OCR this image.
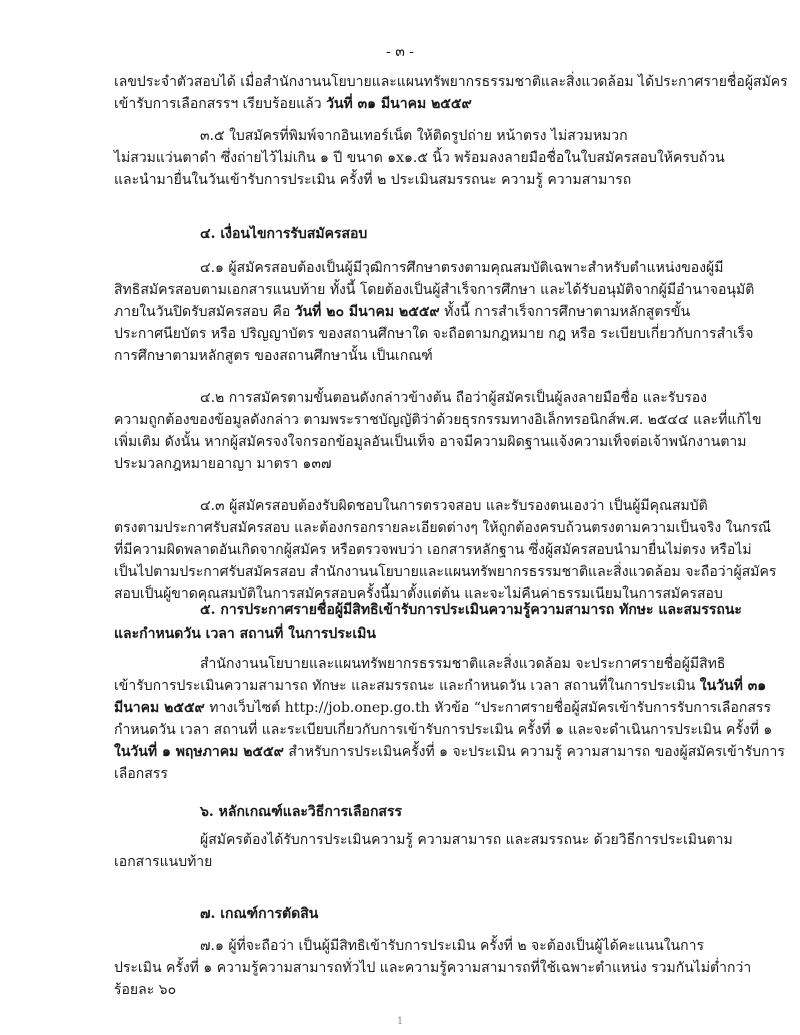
- ๓ -
เลขประจำตัวสอบได้ เมื่อสำนักงานนโยบายและแผนทรัพยากรธรรมชาติและสิ่งแวดล้อม ได้ประกาศรายชื่อผู้สมัคร
เข้ารับการเลือกสรรฯ เรียบร้อยแล้ว วันที่ ๓๑ มีนาคม ๒๕๕๙
๓.๕ ใบสมัครที่พิมพ์จากอินเทอร์เน็ต ให้ติดรูปถ่าย หน้าตรง ไม่สวมหมวก
ไม่สวมแว่นตาดำ ซึ่งถ่ายไว้ไม่เกิน ๑ ปี ขนาด ๑x๑.๕ นิ้ว พร้อมลงลายมือชื่อในใบสมัครสอบให้ครบถ้วน
และนำมายื่นในวันเข้ารับการประเมิน ครั้งที่ ๒ ประเมินสมรรถนะ ความรู้ ความสามารถ
๔. เงื่อนไขการรับสมัครสอบ
๔.๑ ผู้สมัครสอบต้องเป็นผู้มีวุฒิการศึกษาตรงตามคุณสมบัติเฉพาะสำหรับตำแหน่งของผู้มี
สิทธิสมัครสอบตามเอกสารแนบท้าย ทั้งนี้ โดยต้องเป็นผู้สำเร็จการศึกษา และได้รับอนุมัติจากผู้มีอำนาจอนุมัติ
ภายในวันปิดรับสมัครสอบ คือ วันที่ ๒๐ มีนาคม ๒๕๕๙ ทั้งนี้ การสำเร็จการศึกษาตามหลักสูตรขั้น
ประกาศนียบัตร หรือ ปริญญาบัตร ของสถานศึกษาใด จะถือตามกฎหมาย กฎ หรือ ระเบียบเกี่ยวกับการสำเร็จ
การศึกษาตามหลักสูตร ของสถานศึกษานั้น เป็นเกณฑ์
๔.๒ การสมัครตามขั้นตอนดังกล่าวข้างต้น ถือว่าผู้สมัครเป็นผู้ลงลายมือชื่อ และรับรอง
ความถูกต้องของข้อมูลดังกล่าว ตามพระราชบัญญัติว่าด้วยธุรกรรมทางอิเล็กทรอนิกส์พ.ศ. ๒๕๔๔ และที่แก้ไข
เพิ่มเติม ดังนั้น หากผู้สมัครจงใจกรอกข้อมูลอันเป็นเท็จ อาจมีความผิดฐานแจ้งความเท็จต่อเจ้าพนักงานตาม
ประมวลกฎหมายอาญา มาตรา ๑๓๗
๔.๓ ผู้สมัครสอบต้องรับผิดชอบในการตรวจสอบ และรับรองตนเองว่า เป็นผู้มีคุณสมบัติ
ตรงตามประกาศรับสมัครสอบ และต้องกรอกรายละเอียดต่างๆ ให้ถูกต้องครบถ้วนตรงตามความเป็นจริง ในกรณี
ที่มีความผิดพลาดอันเกิดจากผู้สมัคร หรือตรวจพบว่า เอกสารหลักฐาน ซึ่งผู้สมัครสอบนำมายื่นไม่ตรง หรือไม่
เป็นไปตามประกาศรับสมัครสอบ สำนักงานนโยบายและแผนทรัพยากรธรรมชาติและสิ่งแวดล้อม จะถือว่าผู้สมัคร
สอบเป็นผู้ขาดคุณสมบัติในการสมัครสอบครั้งนี้มาตั้งแต่ต้น และจะไม่คืนค่าธรรมเนียมในการสมัครสอบ
๕. การประกาศรายชื่อผู้มีสิทธิเข้ารับการประเมินความรู้ความสามารถ ทักษะ และสมรรถนะ
และกำหนดวัน เวลา สถานที่ ในการประเมิน
สำนักงานนโยบายและแผนทรัพยากรธรรมชาติและสิ่งแวดล้อม จะประกาศรายชื่อผู้มีสิทธิ
เข้ารับการประเมินความสามารถ ทักษะ และสมรรถนะ และกำหนดวัน เวลา สถานที่ในการประเมิน ในวันที่ ๓๑
มีนาคม ๒๕๕๙ ทางเว็บไซต์ http://job.onep.go.th หัวข้อ “ประกาศรายชื่อผู้สมัครเข้ารับการรับการเลือกสรร
กำหนดวัน เวลา สถานที่ และระเบียบเกี่ยวกับการเข้ารับการประเมิน ครั้งที่ ๑ และจะดำเนินการประเมิน ครั้งที่ ๑
ในวันที่ ๑ พฤษภาคม ๒๕๕๙ สำหรับการประเมินครั้งที่ ๑ จะประเมิน ความรู้ ความสามารถ ของผู้สมัครเข้ารับการ
เลือกสรร
๖. หลักเกณฑ์และวิธีการเลือกสรร
ผู้สมัครต้องได้รับการประเมินความรู้ ความสามารถ และสมรรถนะ ด้วยวิธีการประเมินตาม
เอกสารแนบท้าย
๗. เกณฑ์การตัดสิน
๗.๑ ผู้ที่จะถือว่า เป็นผู้มีสิทธิเข้ารับการประเมิน ครั้งที่ ๒ จะต้องเป็นผู้ได้คะแนนในการ
ประเมิน ครั้งที่ ๑ ความรู้ความสามารถทั่วไป และความรู้ความสามารถที่ใช้เฉพาะตำแหน่ง รวมกันไม่ต่ำกว่า
ร้อยละ ๖๐
1
